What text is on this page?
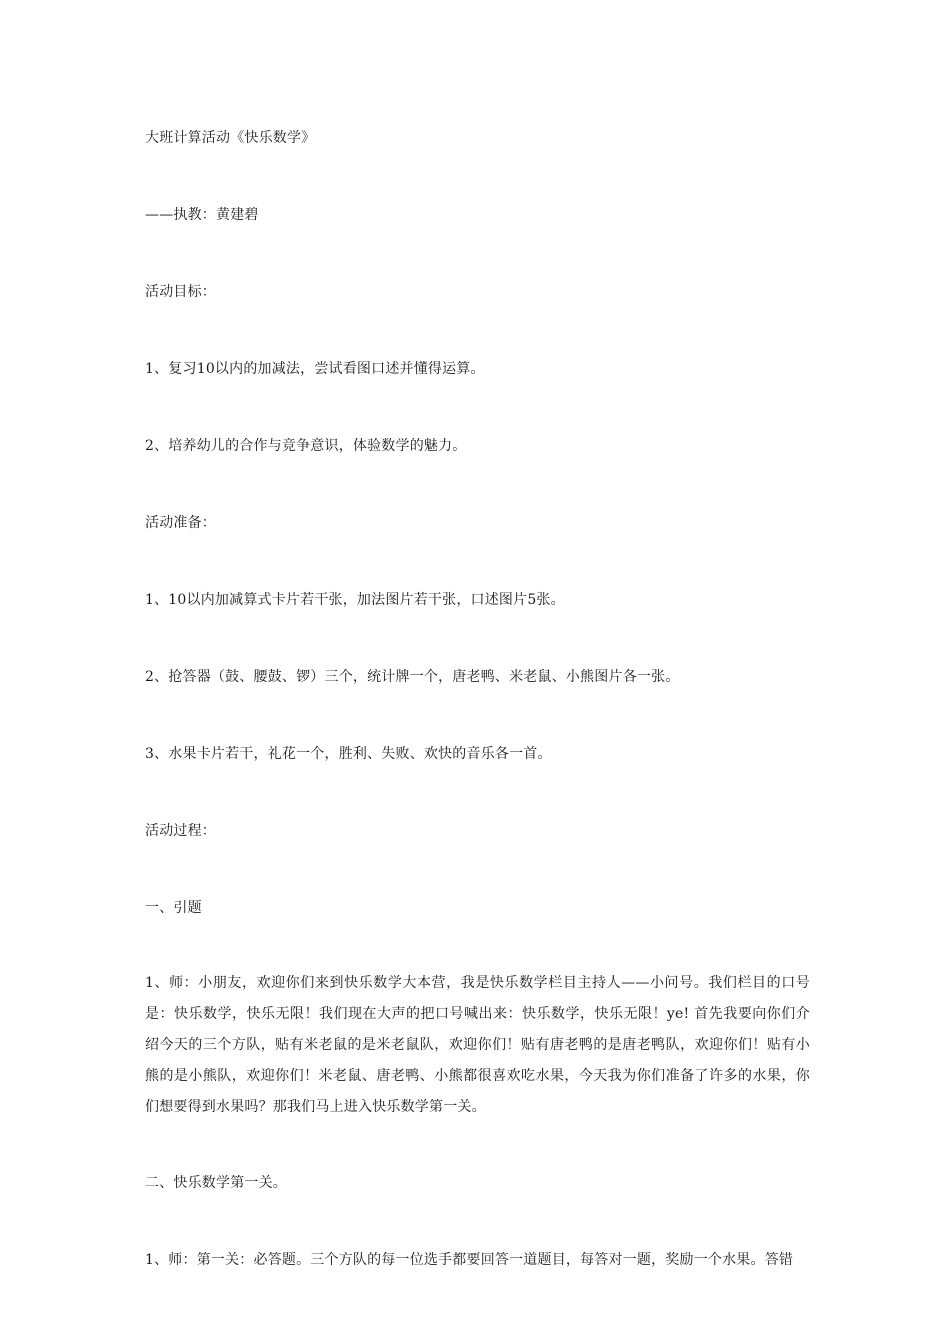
大班计算活动《快乐数学》

——执教：黄建碧

活动目标：

1、复习10以内的加减法，尝试看图口述并懂得运算。

2、培养幼儿的合作与竞争意识，体验数学的魅力。

活动准备：

1、10以内加减算式卡片若干张，加法图片若干张，口述图片5张。

2、抢答器（鼓、腰鼓、锣）三个，统计牌一个，唐老鸭、米老鼠、小熊图片各一张。

3、水果卡片若干，礼花一个，胜利、失败、欢快的音乐各一首。

活动过程：

一、引题

1、师：小朋友，欢迎你们来到快乐数学大本营，我是快乐数学栏目主持人——小问号。我们栏目的口号是：快乐数学，快乐无限！我们现在大声的把口号喊出来：快乐数学，快乐无限！ye! 首先我要向你们介绍今天的三个方队，贴有米老鼠的是米老鼠队，欢迎你们！贴有唐老鸭的是唐老鸭队，欢迎你们！贴有小熊的是小熊队，欢迎你们！米老鼠、唐老鸭、小熊都很喜欢吃水果，今天我为你们准备了许多的水果，你们想要得到水果吗？那我们马上进入快乐数学第一关。

二、快乐数学第一关。

1、师：第一关：必答题。三个方队的每一位选手都要回答一道题目，每答对一题，奖励一个水果。答错
